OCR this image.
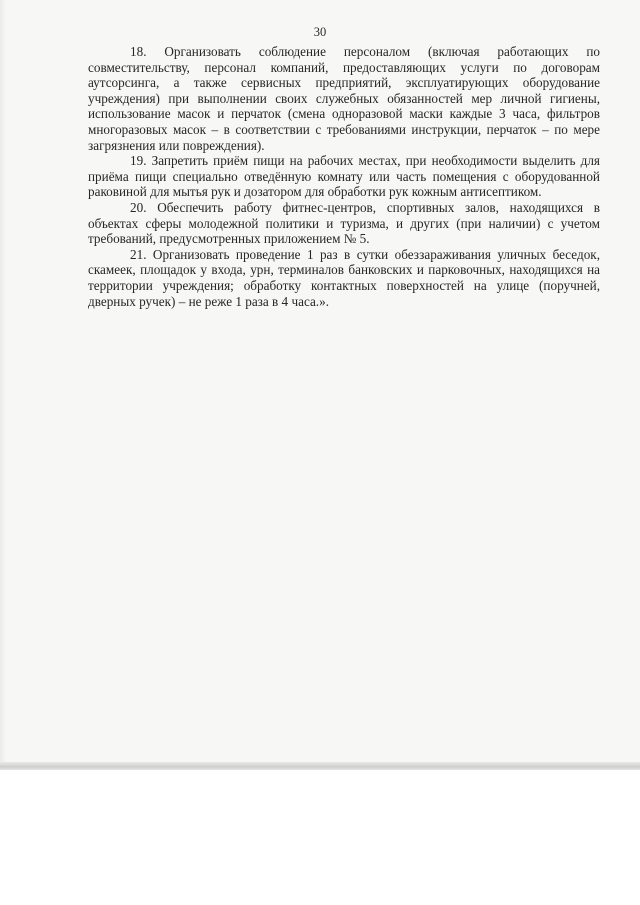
30

18. Организовать соблюдение персоналом (включая работающих по совместительству, персонал компаний, предоставляющих услуги по договорам аутсорсинга, а также сервисных предприятий, эксплуатирующих оборудование учреждения) при выполнении своих служебных обязанностей мер личной гигиены, использование масок и перчаток (смена одноразовой маски каждые 3 часа, фильтров многоразовых масок – в соответствии с требованиями инструкции, перчаток – по мере загрязнения или повреждения).

19. Запретить приём пищи на рабочих местах, при необходимости выделить для приёма пищи специально отведённую комнату или часть помещения с оборудованной раковиной для мытья рук и дозатором для обработки рук кожным антисептиком.

20. Обеспечить работу фитнес-центров, спортивных залов, находящихся в объектах сферы молодежной политики и туризма, и других (при наличии) с учетом требований, предусмотренных приложением № 5.

21. Организовать проведение 1 раз в сутки обеззараживания уличных беседок, скамеек, площадок у входа, урн, терминалов банковских и парковочных, находящихся на территории учреждения; обработку контактных поверхностей на улице (поручней, дверных ручек) – не реже 1 раза в 4 часа.».
